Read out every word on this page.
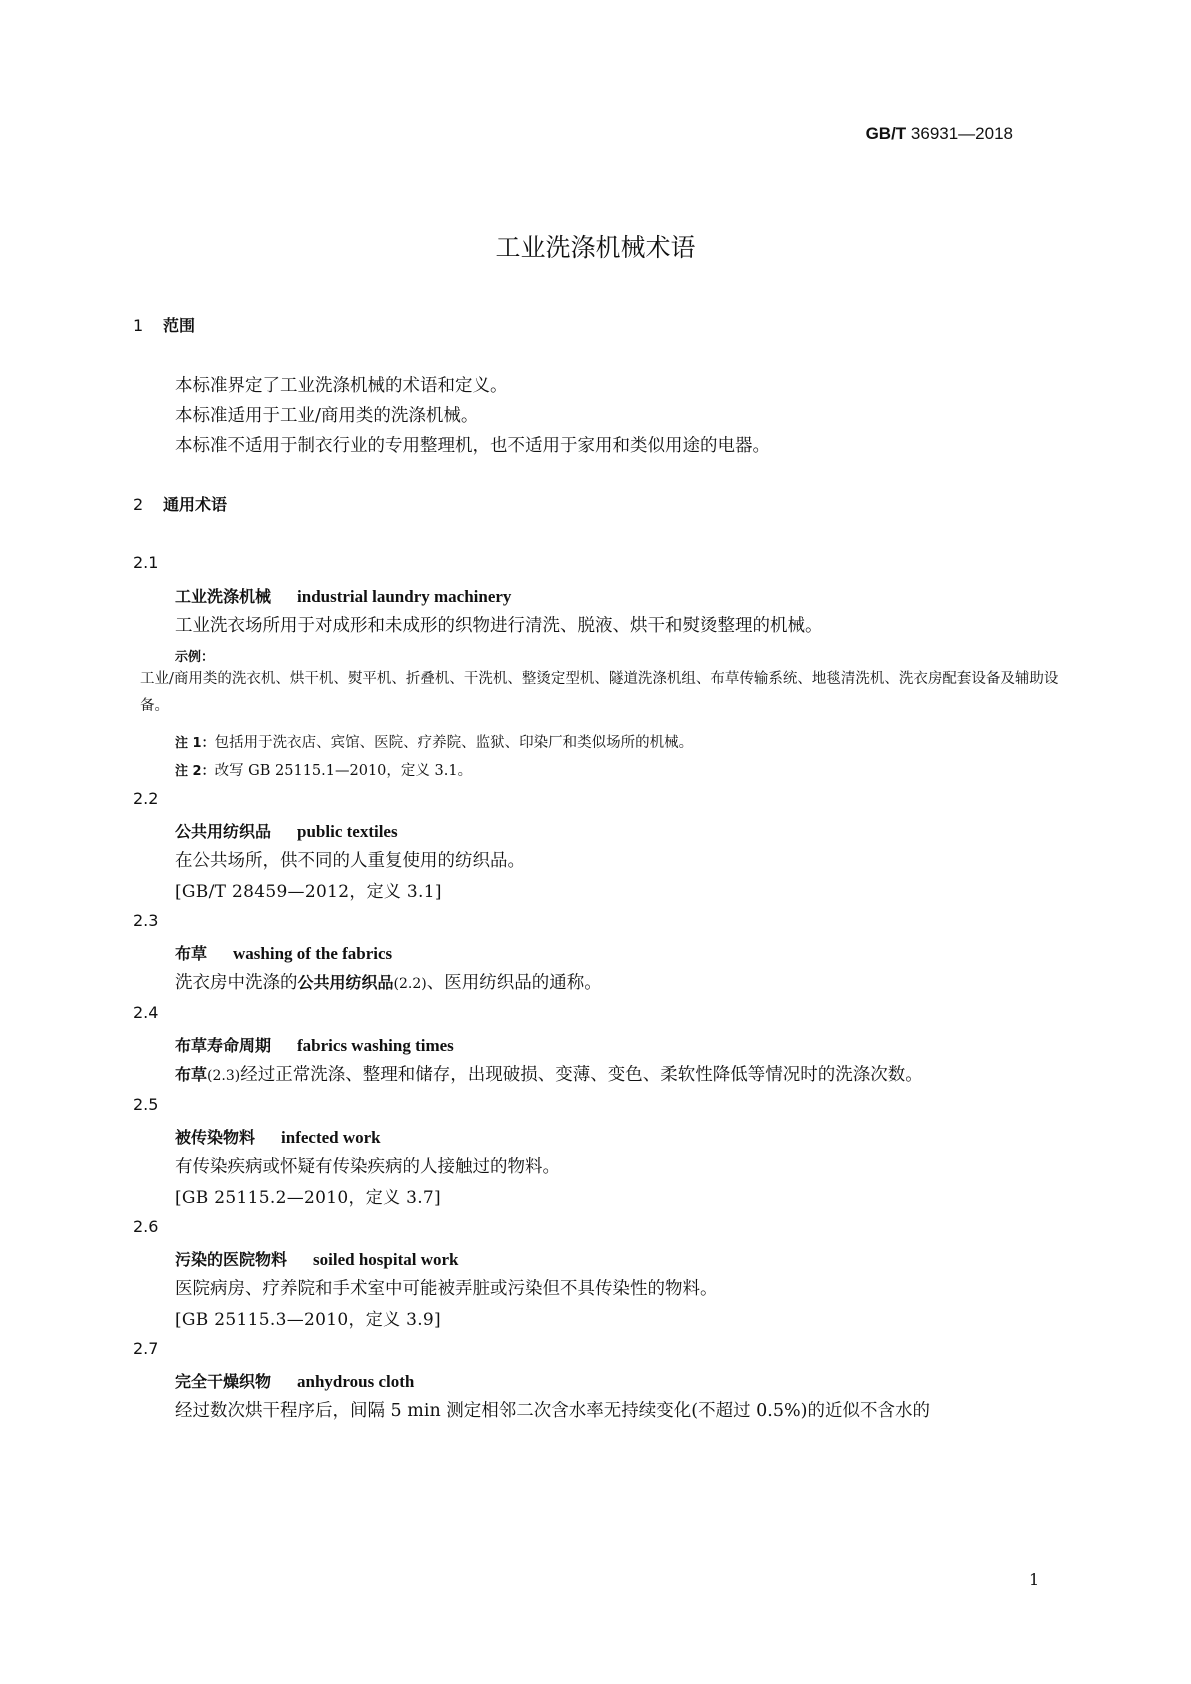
GB/T 36931—2018
工业洗涤机械术语
1 范围
本标准界定了工业洗涤机械的术语和定义。
本标准适用于工业/商用类的洗涤机械。
本标准不适用于制衣行业的专用整理机，也不适用于家用和类似用途的电器。
2 通用术语
2.1
工业洗涤机械 industrial laundry machinery
工业洗衣场所用于对成形和未成形的织物进行清洗、脱液、烘干和熨烫整理的机械。
示例：
工业/商用类的洗衣机、烘干机、熨平机、折叠机、干洗机、整烫定型机、隧道洗涤机组、布草传输系统、地毯清洗机、洗衣房配套设备及辅助设备。
注 1：包括用于洗衣店、宾馆、医院、疗养院、监狱、印染厂和类似场所的机械。
注 2：改写 GB 25115.1—2010，定义 3.1。
2.2
公共用纺织品 public textiles
在公共场所，供不同的人重复使用的纺织品。
[GB/T 28459—2012，定义 3.1]
2.3
布草 washing of the fabrics
洗衣房中洗涤的公共用纺织品(2.2)、医用纺织品的通称。
2.4
布草寿命周期 fabrics washing times
布草(2.3)经过正常洗涤、整理和储存，出现破损、变薄、变色、柔软性降低等情况时的洗涤次数。
2.5
被传染物料 infected work
有传染疾病或怀疑有传染疾病的人接触过的物料。
[GB 25115.2—2010，定义 3.7]
2.6
污染的医院物料 soiled hospital work
医院病房、疗养院和手术室中可能被弄脏或污染但不具传染性的物料。
[GB 25115.3—2010，定义 3.9]
2.7
完全干燥织物 anhydrous cloth
经过数次烘干程序后，间隔 5 min 测定相邻二次含水率无持续变化(不超过 0.5%)的近似不含水的
1
